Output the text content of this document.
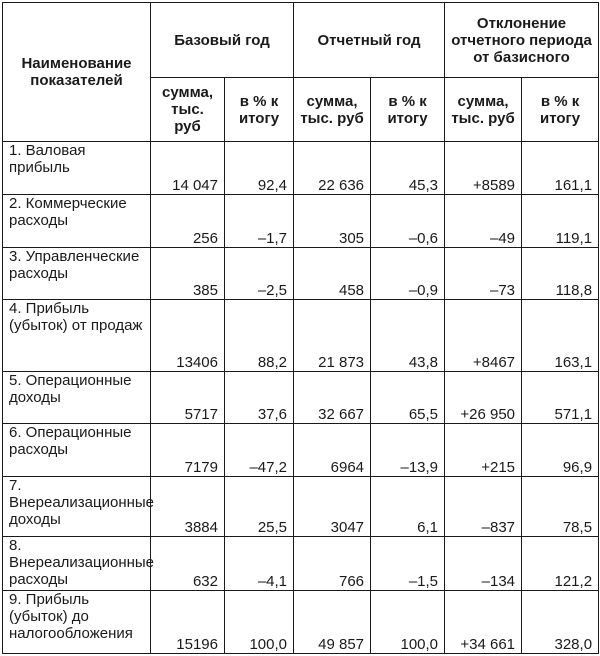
Наименование показателей	Базовый год		Отчетный год		Отклонение отчетного периода от базисного	
	сумма, тыс. руб	в % к итогу	сумма, тыс. руб	в % к итогу	сумма, тыс. руб	в % к итогу
1. Валовая прибыль	14 047	92,4	22 636	45,3	+8589	161,1
2. Коммерческие расходы	256	–1,7	305	–0,6	–49	119,1
3. Управленческие расходы	385	–2,5	458	–0,9	–73	118,8
4. Прибыль (убыток) от продаж	13406	88,2	21 873	43,8	+8467	163,1
5. Операционные доходы	5717	37,6	32 667	65,5	+26 950	571,1
6. Операционные расходы	7179	–47,2	6964	–13,9	+215	96,9
7. Внереализационные доходы	3884	25,5	3047	6,1	–837	78,5
8. Внереализационные расходы	632	–4,1	766	–1,5	–134	121,2
9. Прибыль (убыток) до налогообложения	15196	100,0	49 857	100,0	+34 661	328,0
